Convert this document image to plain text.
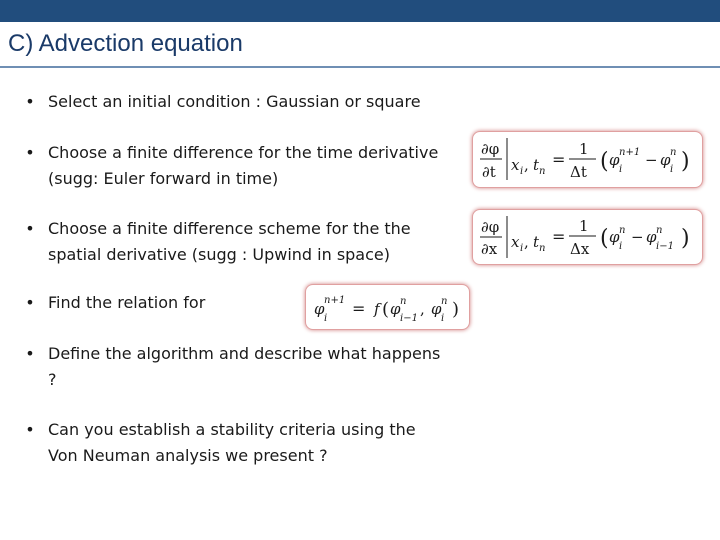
C) Advection equation
• Select an initial condition : Gaussian or square
• Choose a finite difference for the time derivative (sugg: Euler forward in time)
• Choose a finite difference scheme for the the spatial derivative (sugg : Upwind in space)
• Find the relation for
• Define the algorithm and describe what happens ?
• Can you establish a stability criteria using the Von Neuman analysis we present ?
∂φ
∂t x i , t n
=
1
Δt ( φ n+1
i
− φ n
i )
∂φ
∂x x i , t n
=
1
Δx ( φ n
i
− φ n
i−1 )
φ n+1
i
= f ( φ n
i−1
, φ n
i )
